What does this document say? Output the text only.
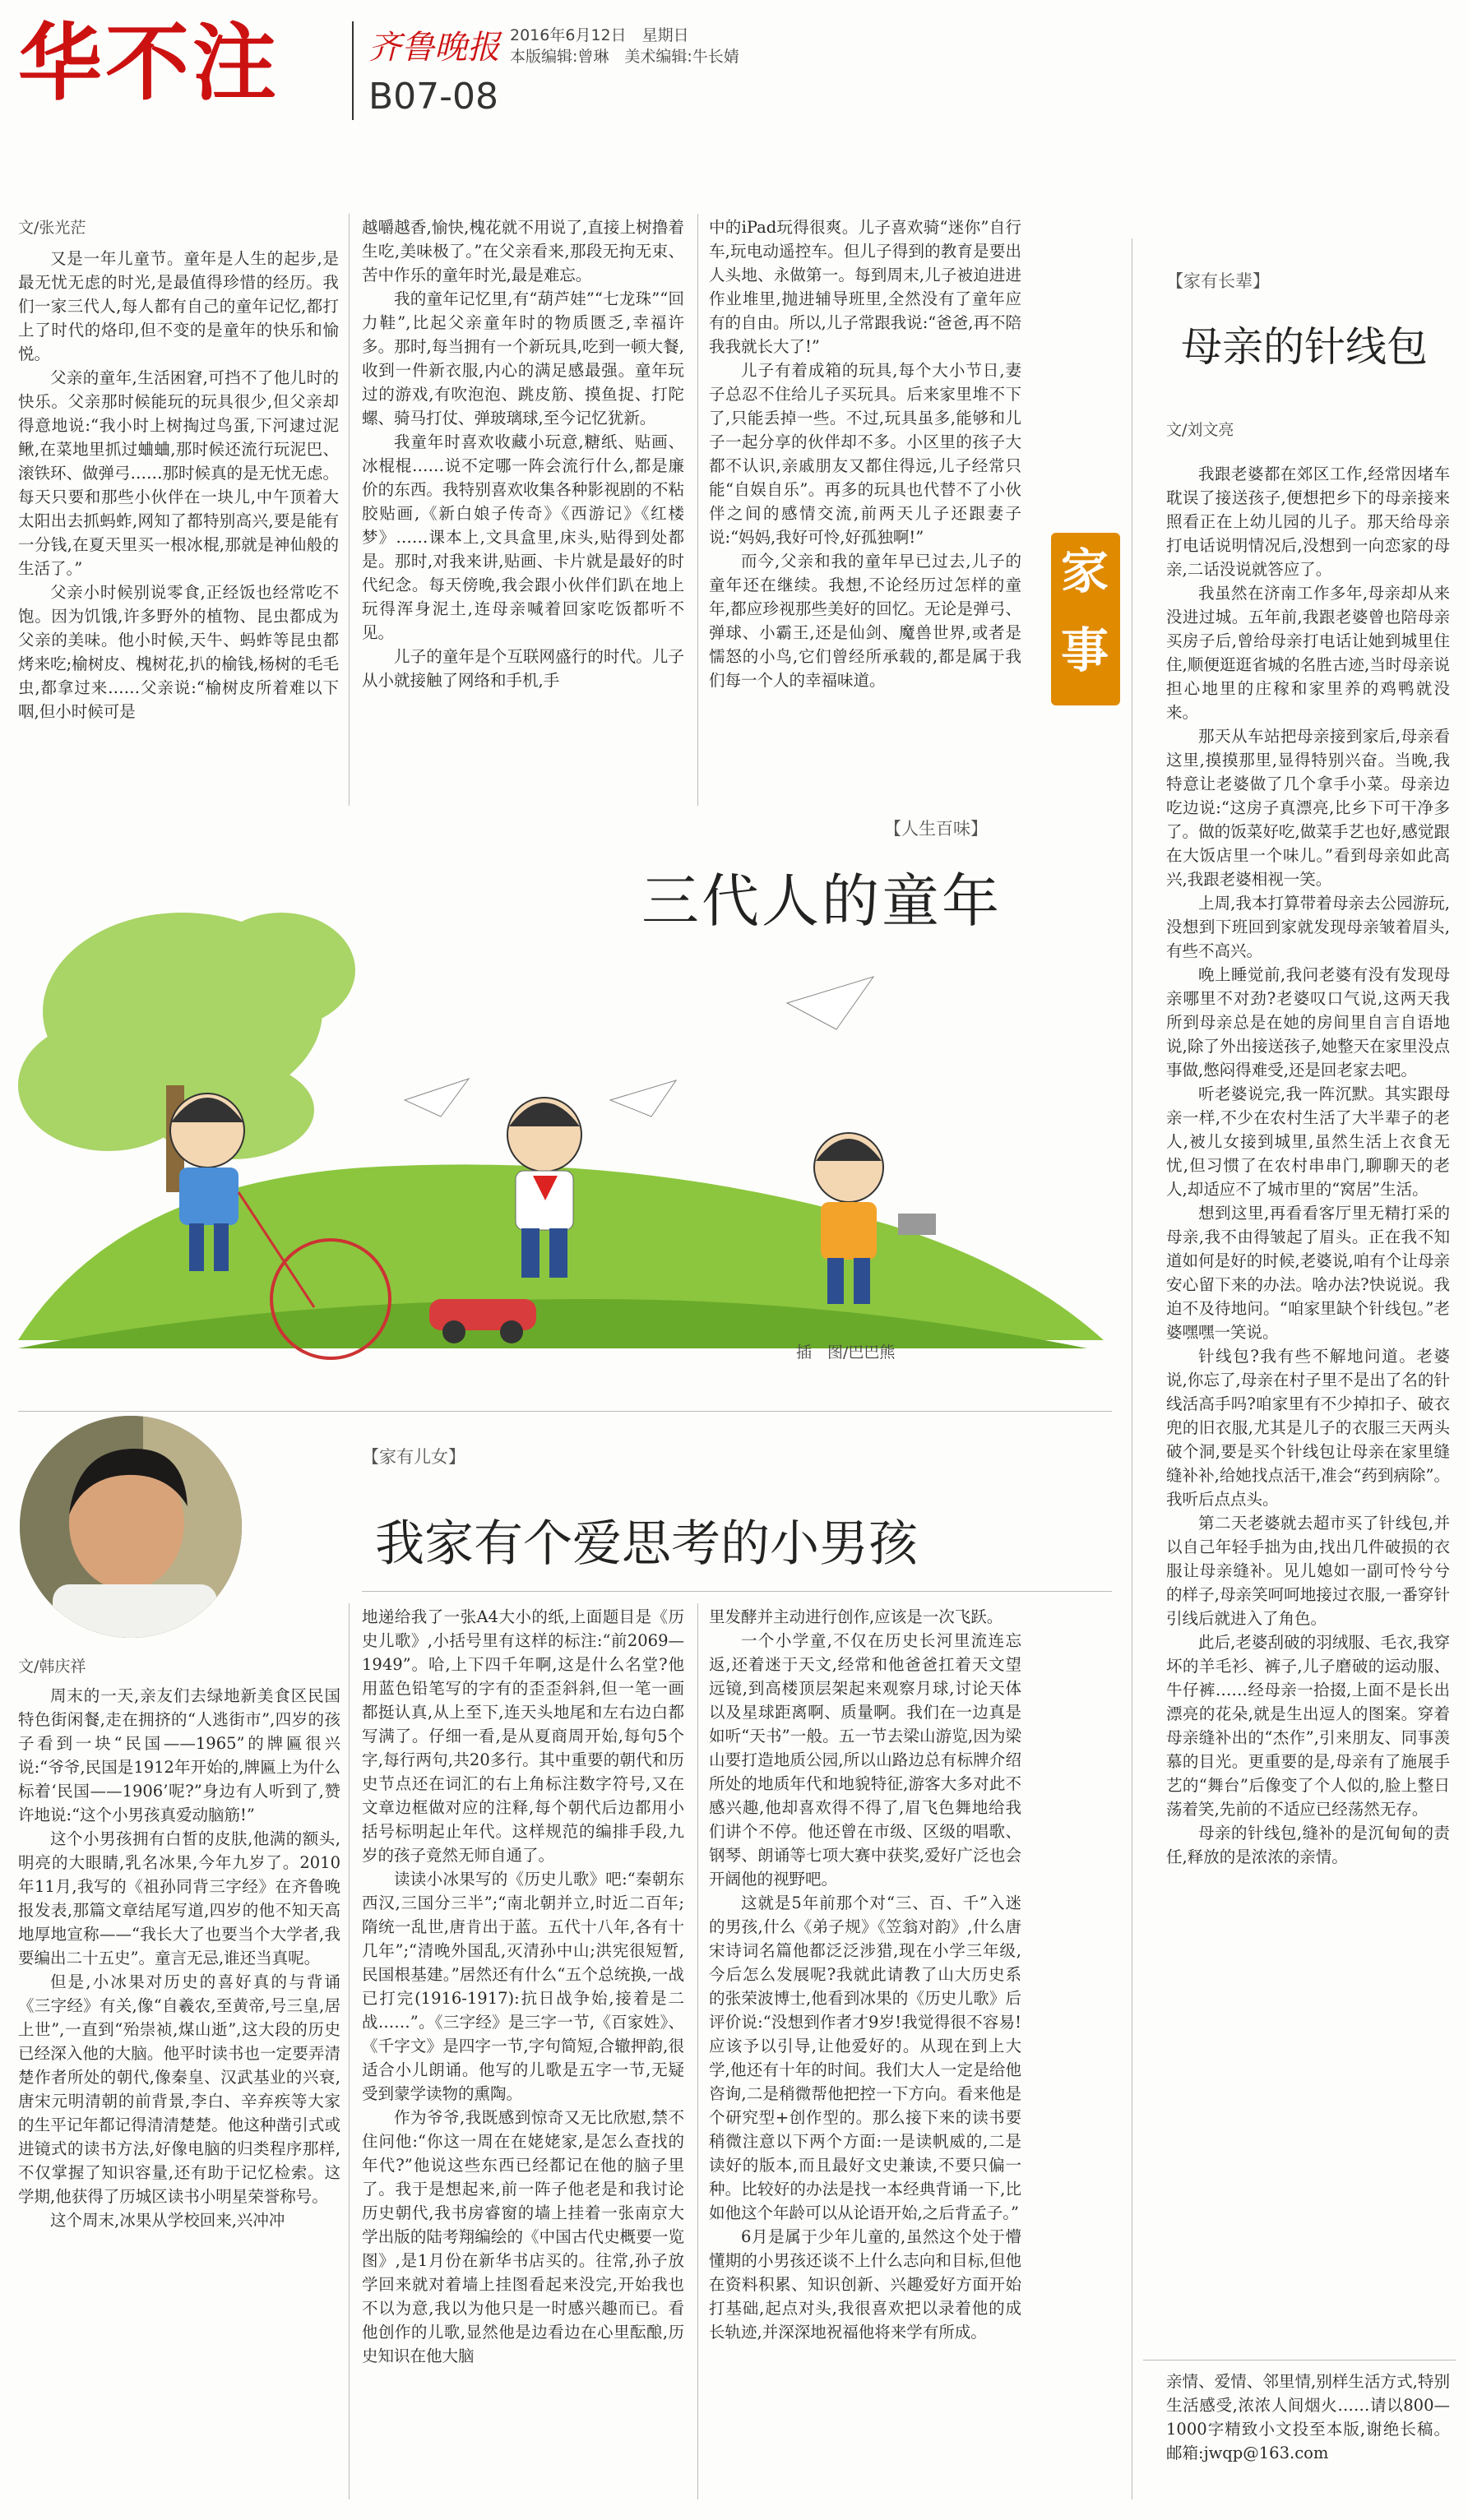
华不注	齐鲁晚报 2016年6月12日　星期日
本版编辑:曾琳　美术编辑:牛长婧
B07-08
文/张光茫

又是一年儿童节。童年是人生的起步,是最无忧无虑的时光,是最值得珍惜的经历。我们一家三代人,每人都有自己的童年记忆,都打上了时代的烙印,但不变的是童年的快乐和愉悦。

父亲的童年,生活困窘,可挡不了他儿时的快乐。父亲那时候能玩的玩具很少,但父亲却得意地说:“我小时上树掏过鸟蛋,下河逮过泥鳅,在菜地里抓过蛐蛐,那时候还流行玩泥巴、滚铁环、做弹弓……那时候真的是无忧无虑。每天只要和那些小伙伴在一块儿,中午顶着大太阳出去抓蚂蚱,网知了都特别高兴,要是能有一分钱,在夏天里买一根冰棍,那就是神仙般的生活了。”

父亲小时候别说零食,正经饭也经常吃不饱。因为饥饿,许多野外的植物、昆虫都成为父亲的美味。他小时候,天牛、蚂蚱等昆虫都烤来吃;榆树皮、槐树花,扒的榆钱,杨树的毛毛虫,都拿过来……父亲说:“榆树皮所着难以下咽,但小时候可是

越嚼越香,愉快,槐花就不用说了,直接上树撸着生吃,美味极了。”在父亲看来,那段无拘无束、苦中作乐的童年时光,最是难忘。

我的童年记忆里,有“葫芦娃”“七龙珠”“回力鞋”,比起父亲童年时的物质匮乏,幸福许多。那时,每当拥有一个新玩具,吃到一顿大餐,收到一件新衣服,内心的满足感最强。童年玩过的游戏,有吹泡泡、跳皮筋、摸鱼捉、打陀螺、骑马打仗、弹玻璃球,至今记忆犹新。

我童年时喜欢收藏小玩意,糖纸、贴画、冰棍棍……说不定哪一阵会流行什么,都是廉价的东西。我特别喜欢收集各种影视剧的不粘胶贴画,《新白娘子传奇》《西游记》《红楼梦》……课本上,文具盒里,床头,贴得到处都是。那时,对我来讲,贴画、卡片就是最好的时代纪念。每天傍晚,我会跟小伙伴们趴在地上玩得浑身泥土,连母亲喊着回家吃饭都听不见。

儿子的童年是个互联网盛行的时代。儿子从小就接触了网络和手机,手

中的iPad玩得很爽。儿子喜欢骑“迷你”自行车,玩电动遥控车。但儿子得到的教育是要出人头地、永做第一。每到周末,儿子被迫进进作业堆里,抛进辅导班里,全然没有了童年应有的自由。所以,儿子常跟我说:“爸爸,再不陪我我就长大了!”

儿子有着成箱的玩具,每个大小节日,妻子总忍不住给儿子买玩具。后来家里堆不下了,只能丢掉一些。不过,玩具虽多,能够和儿子一起分享的伙伴却不多。小区里的孩子大都不认识,亲戚朋友又都住得远,儿子经常只能“自娱自乐”。再多的玩具也代替不了小伙伴之间的感情交流,前两天儿子还跟妻子说:“妈妈,我好可怜,好孤独啊!”

而今,父亲和我的童年早已过去,儿子的童年还在继续。我想,不论经历过怎样的童年,都应珍视那些美好的回忆。无论是弹弓、弹球、小霸王,还是仙剑、魔兽世界,或者是懦怒的小鸟,它们曾经所承载的,都是属于我们每一个人的幸福味道。

家
事
【人生百味】
三代人的童年
插　图/巴巴熊
【家有儿女】
我家有个爱思考的小男孩
文/韩庆祥

周末的一天,亲友们去绿地新美食区民国特色街闲餐,走在拥挤的“人逃街市”,四岁的孩子看到一块“民国——1965”的牌匾很兴说:“爷爷,民国是1912年开始的,牌匾上为什么标着‘民国——1906’呢?”身边有人听到了,赞许地说:“这个小男孩真爱动脑筋!”

这个小男孩拥有白皙的皮肤,他满的额头,明亮的大眼睛,乳名冰果,今年九岁了。2010年11月,我写的《祖孙同背三字经》在齐鲁晚报发表,那篇文章结尾写道,四岁的他不知天高地厚地宣称——“我长大了也要当个大学者,我要编出二十五史”。童言无忌,谁还当真呢。

但是,小冰果对历史的喜好真的与背诵《三字经》有关,像“自羲农,至黄帝,号三皇,居上世”,一直到“殆崇祯,煤山逝”,这大段的历史已经深入他的大脑。他平时读书也一定要弄清楚作者所处的朝代,像秦皇、汉武基业的兴衰,唐宋元明清朝的前背景,李白、辛弃疾等大家的生平记年都记得清清楚楚。他这种凿引式或进镜式的读书方法,好像电脑的归类程序那样,不仅掌握了知识容量,还有助于记忆检索。这学期,他获得了历城区读书小明星荣誉称号。

这个周末,冰果从学校回来,兴冲冲

地递给我了一张A4大小的纸,上面题目是《历史儿歌》,小括号里有这样的标注:“前2069—1949”。哈,上下四千年啊,这是什么名堂?他用蓝色铅笔写的字有的歪歪斜斜,但一笔一画都挺认真,从上至下,连天头地尾和左右边白都写满了。仔细一看,是从夏商周开始,每句5个字,每行两句,共20多行。其中重要的朝代和历史节点还在词汇的右上角标注数字符号,又在文章边框做对应的注释,每个朝代后边都用小括号标明起止年代。这样规范的编排手段,九岁的孩子竟然无师自通了。

读读小冰果写的《历史儿歌》吧:“秦朝东西汉,三国分三半”;“南北朝并立,时近二百年;隋统一乱世,唐肯出于蓝。五代十八年,各有十几年”;“清晚外国乱,灭清孙中山;洪宪很短暂,民国根基建。”居然还有什么“五个总统换,一战已打完(1916-1917):抗日战争始,接着是二战……”。《三字经》是三字一节,《百家姓》、《千字文》是四字一节,字句简短,合辙押韵,很适合小儿朗诵。他写的儿歌是五字一节,无疑受到蒙学读物的熏陶。

作为爷爷,我既感到惊奇又无比欣慰,禁不住问他:“你这一周在在姥姥家,是怎么查找的年代?”他说这些东西已经都记在他的脑子里了。我于是想起来,前一阵子他老是和我讨论历史朝代,我书房睿窗的墙上挂着一张南京大学出版的陆考翔编绘的《中国古代史概要一览图》,是1月份在新华书店买的。往常,孙子放学回来就对着墙上挂图看起来没完,开始我也不以为意,我以为他只是一时感兴趣而已。看他创作的儿歌,显然他是边看边在心里酝酿,历史知识在他大脑

里发酵并主动进行创作,应该是一次飞跃。

一个小学童,不仅在历史长河里流连忘返,还着迷于天文,经常和他爸爸扛着天文望远镜,到高楼顶层架起来观察月球,讨论天体以及星球距离啊、质量啊。我们在一边真是如听“天书”一般。五一节去梁山游览,因为梁山要打造地质公园,所以山路边总有标牌介绍所处的地质年代和地貌特征,游客大多对此不感兴趣,他却喜欢得不得了,眉飞色舞地给我们讲个不停。他还曾在市级、区级的唱歌、钢琴、朗诵等七项大赛中获奖,爱好广泛也会开阔他的视野吧。

这就是5年前那个对“三、百、千”入迷的男孩,什么《弟子规》《笠翁对韵》,什么唐宋诗词名篇他都泛泛涉猎,现在小学三年级,今后怎么发展呢?我就此请教了山大历史系的张荣波博士,他看到冰果的《历史儿歌》后评价说:“没想到作者才9岁!我觉得很不容易!应该予以引导,让他爱好的。从现在到上大学,他还有十年的时间。我们大人一定是给他咨询,二是稍微帮他把控一下方向。看来他是个研究型+创作型的。那么接下来的读书要稍微注意以下两个方面:一是读帆威的,二是读好的版本,而且最好文史兼读,不要只偏一种。比较好的办法是找一本经典背诵一下,比如他这个年龄可以从论语开始,之后背孟子。”

6月是属于少年儿童的,虽然这个处于懵懂期的小男孩还谈不上什么志向和目标,但他在资料积累、知识创新、兴趣爱好方面开始打基础,起点对头,我很喜欢把以录着他的成长轨迹,并深深地祝福他将来学有所成。

【家有长辈】
母亲的针线包
文/刘文亮

我跟老婆都在郊区工作,经常因堵车耽误了接送孩子,便想把乡下的母亲接来照看正在上幼儿园的儿子。那天给母亲打电话说明情况后,没想到一向恋家的母亲,二话没说就答应了。

我虽然在济南工作多年,母亲却从来没进过城。五年前,我跟老婆曾也陪母亲买房子后,曾给母亲打电话让她到城里住住,顺便逛逛省城的名胜古迹,当时母亲说担心地里的庄稼和家里养的鸡鸭就没来。

那天从车站把母亲接到家后,母亲看这里,摸摸那里,显得特别兴奋。当晚,我特意让老婆做了几个拿手小菜。母亲边吃边说:“这房子真漂亮,比乡下可干净多了。做的饭菜好吃,做菜手艺也好,感觉跟在大饭店里一个味儿。”看到母亲如此高兴,我跟老婆相视一笑。

上周,我本打算带着母亲去公园游玩,没想到下班回到家就发现母亲皱着眉头,有些不高兴。

晚上睡觉前,我问老婆有没有发现母亲哪里不对劲?老婆叹口气说,这两天我所到母亲总是在她的房间里自言自语地说,除了外出接送孩子,她整天在家里没点事做,憋闷得难受,还是回老家去吧。

听老婆说完,我一阵沉默。其实跟母亲一样,不少在农村生活了大半辈子的老人,被儿女接到城里,虽然生活上衣食无忧,但习惯了在农村串串门,聊聊天的老人,却适应不了城市里的“窝居”生活。

想到这里,再看看客厅里无精打采的母亲,我不由得皱起了眉头。正在我不知道如何是好的时候,老婆说,咱有个让母亲安心留下来的办法。啥办法?快说说。我迫不及待地问。“咱家里缺个针线包。”老婆嘿嘿一笑说。

针线包?我有些不解地问道。老婆说,你忘了,母亲在村子里不是出了名的针线活高手吗?咱家里有不少掉扣子、破衣兜的旧衣服,尤其是儿子的衣服三天两头破个洞,要是买个针线包让母亲在家里缝缝补补,给她找点活干,准会“药到病除”。我听后点点头。

第二天老婆就去超市买了针线包,并以自己年轻手拙为由,找出几件破损的衣服让母亲缝补。见儿媳如一副可怜兮兮的样子,母亲笑呵呵地接过衣服,一番穿针引线后就进入了角色。

此后,老婆刮破的羽绒服、毛衣,我穿坏的羊毛衫、裤子,儿子磨破的运动服、牛仔裤……经母亲一拾掇,上面不是长出漂亮的花朵,就是生出逗人的图案。穿着母亲缝补出的“杰作”,引来朋友、同事羡慕的目光。更重要的是,母亲有了施展手艺的“舞台”后像变了个人似的,脸上整日荡着笑,先前的不适应已经荡然无存。

母亲的针线包,缝补的是沉甸甸的责任,释放的是浓浓的亲情。

亲情、爱情、邻里情,别样生活方式,特别生活感受,浓浓人间烟火……请以800—1000字精致小文投至本版,谢绝长稿。邮箱:jwqp@163.com
